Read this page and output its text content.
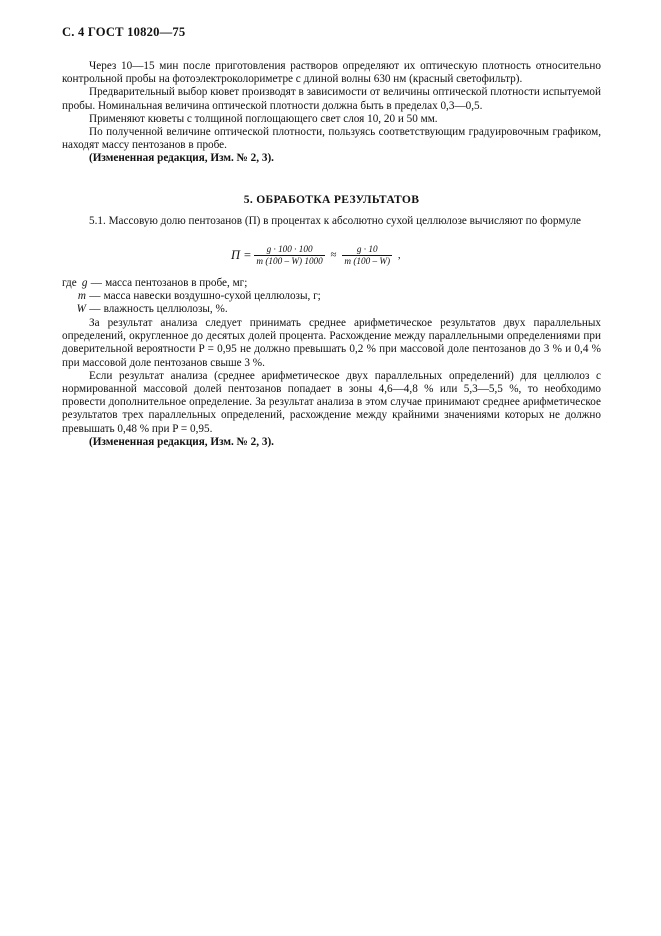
С. 4 ГОСТ 10820—75

Через 10—15 мин после приготовления растворов определяют их оптическую плотность относительно контрольной пробы на фотоэлектроколориметре с длиной волны 630 нм (красный светофильтр).

Предварительный выбор кювет производят в зависимости от величины оптической плотности испытуемой пробы. Номинальная величина оптической плотности должна быть в пределах 0,3—0,5.

Применяют кюветы с толщиной поглощающего свет слоя 10, 20 и 50 мм.

По полученной величине оптической плотности, пользуясь соответствующим градуировочным графиком, находят массу пентозанов в пробе.

(Измененная редакция, Изм. № 2, 3).

5. ОБРАБОТКА РЕЗУЛЬТАТОВ

5.1. Массовую долю пентозанов (П) в процентах к абсолютно сухой целлюлозе вычисляют по формуле

$П = \frac{g \cdot 100 \cdot 100}{m (100 - W) 1000} \approx \frac{g \cdot 10}{m (100 - W)}$ ,
где g — масса пентозанов в пробе, мг;
m — масса навески воздушно-сухой целлюлозы, г;
W — влажность целлюлозы, %.

За результат анализа следует принимать среднее арифметическое результатов двух параллельных определений, округленное до десятых долей процента. Расхождение между параллельными определениями при доверительной вероятности P = 0,95 не должно превышать 0,2 % при массовой доле пентозанов до 3 % и 0,4 % при массовой доле пентозанов свыше 3 %.

Если результат анализа (среднее арифметическое двух параллельных определений) для целлюлоз с нормированной массовой долей пентозанов попадает в зоны 4,6—4,8 % или 5,3—5,5 %, то необходимо провести дополнительное определение. За результат анализа в этом случае принимают среднее арифметическое результатов трех параллельных определений, расхождение между крайними значениями которых не должно превышать 0,48 % при P = 0,95.

(Измененная редакция, Изм. № 2, 3).
